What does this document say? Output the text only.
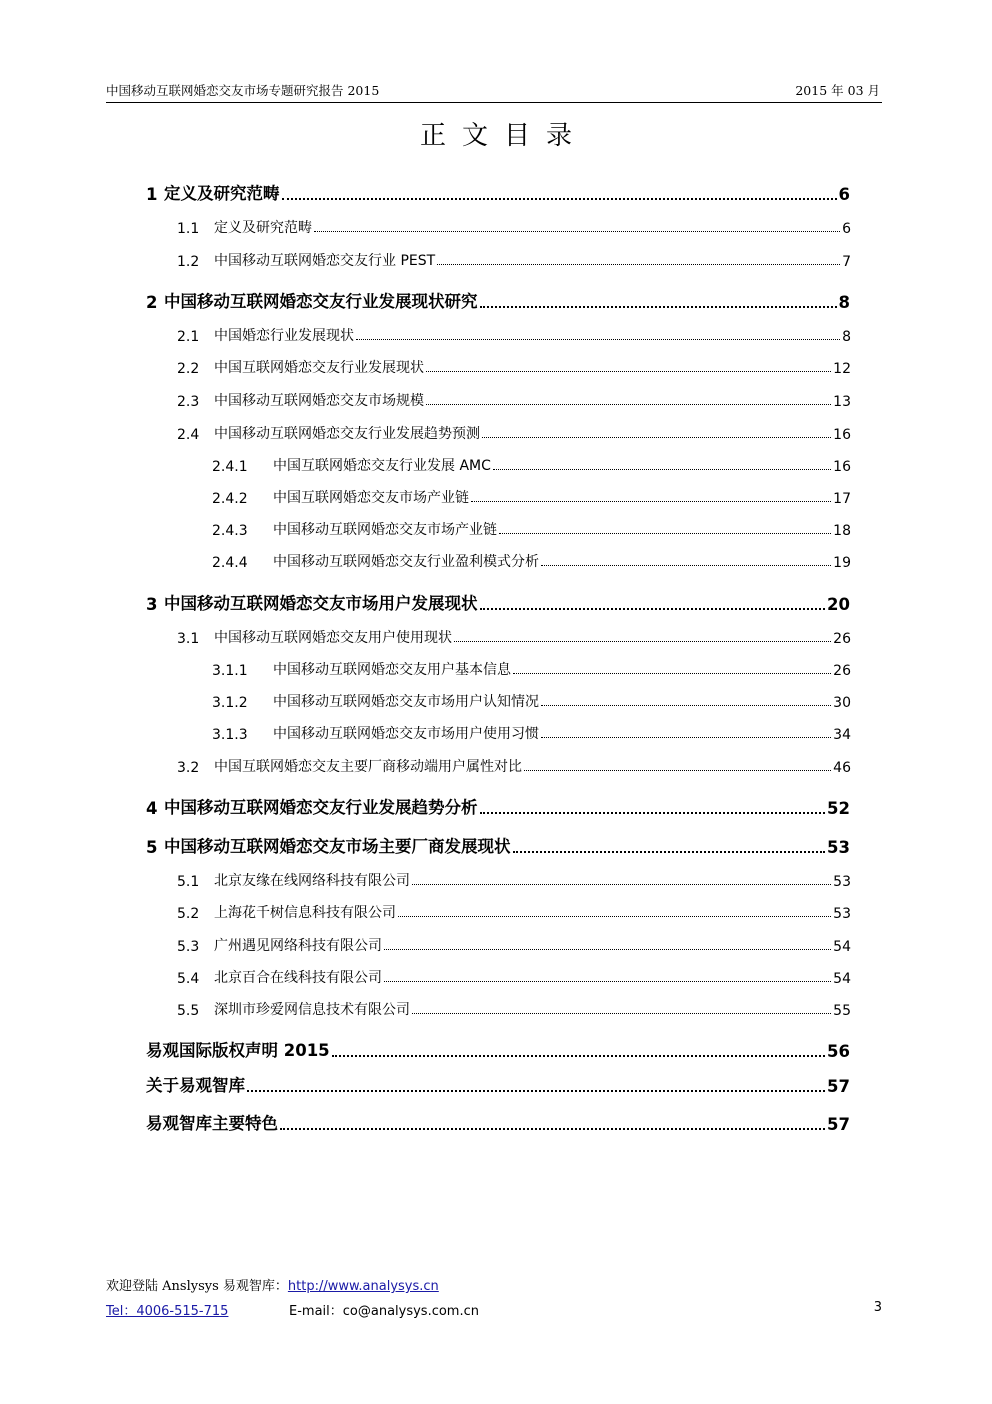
中国移动互联网婚恋交友市场专题研究报告 2015	2015 年 03 月
正文目录
1 定义及研究范畴	6
1.1	定义及研究范畴	6
1.2	中国移动互联网婚恋交友行业 PEST	7
2 中国移动互联网婚恋交友行业发展现状研究	8
2.1	中国婚恋行业发展现状	8
2.2	中国互联网婚恋交友行业发展现状	12
2.3	中国移动互联网婚恋交友市场规模	13
2.4	中国移动互联网婚恋交友行业发展趋势预测	16
2.4.1	中国互联网婚恋交友行业发展 AMC	16
2.4.2	中国互联网婚恋交友市场产业链	17
2.4.3	中国移动互联网婚恋交友市场产业链	18
2.4.4	中国移动互联网婚恋交友行业盈利模式分析	19
3 中国移动互联网婚恋交友市场用户发展现状	20
3.1	中国移动互联网婚恋交友用户使用现状	26
3.1.1	中国移动互联网婚恋交友用户基本信息	26
3.1.2	中国移动互联网婚恋交友市场用户认知情况	30
3.1.3	中国移动互联网婚恋交友市场用户使用习惯	34
3.2	中国互联网婚恋交友主要厂商移动端用户属性对比	46
4 中国移动互联网婚恋交友行业发展趋势分析	52
5 中国移动互联网婚恋交友市场主要厂商发展现状	53
5.1	北京友缘在线网络科技有限公司	53
5.2	上海花千树信息科技有限公司	53
5.3	广州遇见网络科技有限公司	54
5.4	北京百合在线科技有限公司	54
5.5	深圳市珍爱网信息技术有限公司	55
易观国际版权声明 2015	56
关于易观智库	57
易观智库主要特色	57
欢迎登陆 Anslysys 易观智库：http://www.analysys.cn
Tel：4006-515-715	E-mail：co@analysys.com.cn	3
